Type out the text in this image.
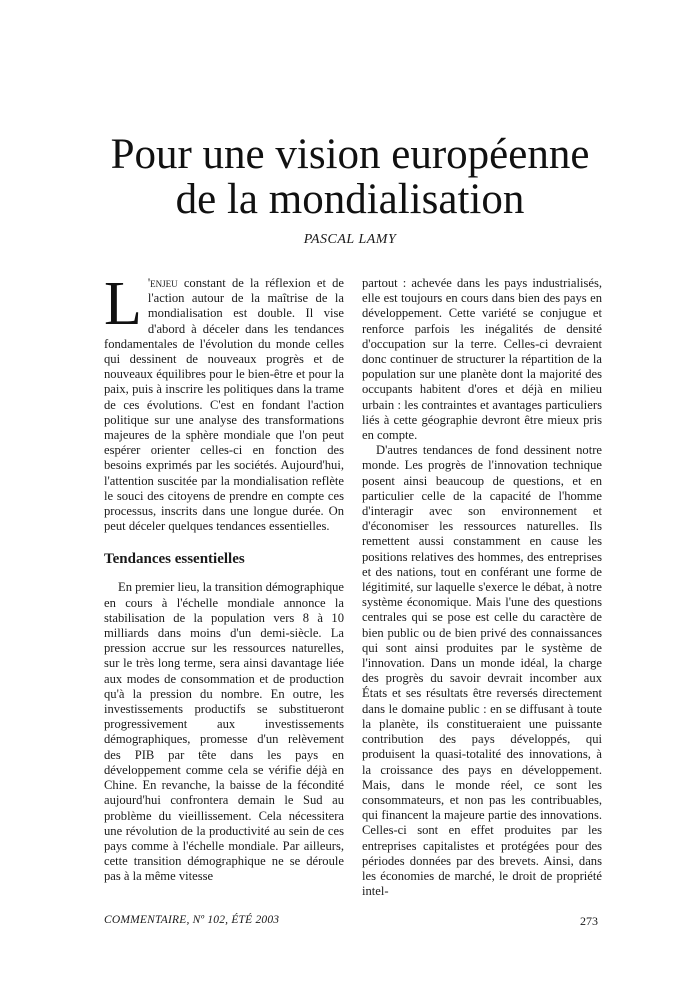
Pour une vision européenne
de la mondialisation
PASCAL LAMY

L 'enjeu constant de la réflexion et de l'action autour de la maîtrise de la mondialisation est double. Il vise d'abord à déceler dans les tendances fondamentales de l'évolution du monde celles qui dessinent de nouveaux progrès et de nouveaux équilibres pour le bien-être et pour la paix, puis à inscrire les politiques dans la trame de ces évolutions. C'est en fondant l'action politique sur une analyse des transformations majeures de la sphère mondiale que l'on peut espérer orienter celles-ci en fonction des besoins exprimés par les sociétés. Aujourd'hui, l'attention suscitée par la mondialisation reflète le souci des citoyens de prendre en compte ces processus, inscrits dans une longue durée. On peut déceler quelques tendances essentielles.

Tendances essentielles

En premier lieu, la transition démographique en cours à l'échelle mondiale annonce la stabilisation de la population vers 8 à 10 milliards dans moins d'un demi-siècle. La pression accrue sur les ressources naturelles, sur le très long terme, sera ainsi davantage liée aux modes de consommation et de production qu'à la pression du nombre. En outre, les investissements productifs se substitueront progressivement aux investissements démographiques, promesse d'un relèvement des PIB par tête dans les pays en développement comme cela se vérifie déjà en Chine. En revanche, la baisse de la fécondité aujourd'hui confrontera demain le Sud au problème du vieillissement. Cela nécessitera une révolution de la productivité au sein de ces pays comme à l'échelle mondiale. Par ailleurs, cette transition démographique ne se déroule pas à la même vitesse

partout : achevée dans les pays industrialisés, elle est toujours en cours dans bien des pays en développement. Cette variété se conjugue et renforce parfois les inégalités de densité d'occupation sur la terre. Celles-ci devraient donc continuer de structurer la répartition de la population sur une planète dont la majorité des occupants habitent d'ores et déjà en milieu urbain : les contraintes et avantages particuliers liés à cette géographie devront être mieux pris en compte.

D'autres tendances de fond dessinent notre monde. Les progrès de l'innovation technique posent ainsi beaucoup de questions, et en particulier celle de la capacité de l'homme d'interagir avec son environnement et d'économiser les ressources naturelles. Ils remettent aussi constamment en cause les positions relatives des hommes, des entreprises et des nations, tout en conférant une forme de légitimité, sur laquelle s'exerce le débat, à notre système économique. Mais l'une des questions centrales qui se pose est celle du caractère de bien public ou de bien privé des connaissances qui sont ainsi produites par le système de l'innovation. Dans un monde idéal, la charge des progrès du savoir devrait incomber aux États et ses résultats être reversés directement dans le domaine public : en se diffusant à toute la planète, ils constitueraient une puissante contribution des pays développés, qui produisent la quasi-totalité des innovations, à la croissance des pays en développement. Mais, dans le monde réel, ce sont les consommateurs, et non pas les contribuables, qui financent la majeure partie des innovations. Celles-ci sont en effet produites par les entreprises capitalistes et protégées pour des périodes données par des brevets. Ainsi, dans les économies de marché, le droit de propriété intel-

COMMENTAIRE, Nº 102, ÉTÉ 2003	273
